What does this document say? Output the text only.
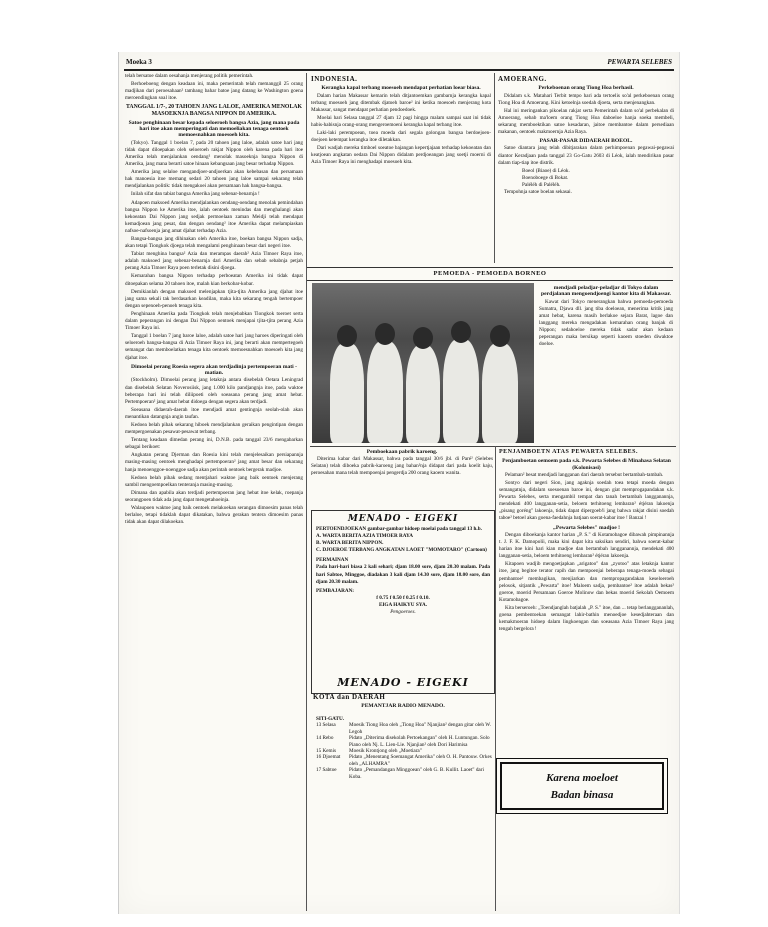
Moeka 3	PEWARTA SELEBES

telah bersatoe dalam oesahanja menjerang politik pemerintah.

Berhoeboeng dengan keadaan ini, maka pemerintah telah memanggil 25 orang madjikan dari peroesahaan² tambang bahar batoe jang datang ke Washington goena meroendingkan soal itoe.

TANGGAL 1/7-, 20 TAHOEN JANG LALOE, AMERIKA MENOLAK MASOEKNJA BANGSA NIPPON DI AMERIKA.
Satoe penghinaan besar kepada seloeroeh bangsa Azia, jang mana pada hari itoe akan memperingati dan memoeliakan tenaga oentoek memoesnahkan moesoeh kita.

(Tokyo). Tanggal 1 boelan 7, pada 20 tahoen jang laloe, adalah satoe hari jang tidak dapat diloepakan oleh seloeroeh rakjat Nippon oleh karena pada hari itoe Amerika telah menjalankan oendang² menolak masoeknja bangsa Nippon di Amerika, jang mana berarti satoe hinaan kebangsaan jang besar terhadap Nippon.

Amerika jang selaloe mengandjoer-andjoerkan akan kebebasan dan persamaan hak manoesia itoe memang sedari 20 tahoen jang laloe sampai sekarang telah mendjalankan politik: tidak mengakoei akan persamaan hak bangsa-bangsa.

Inilah sifat dan tabiat bangsa Amerika jang sebenar-benarnja !

Adapoen maksoed Amerika mendjalankan oendang-oendang menolak pemindahan bangsa Nippon ke Amerika itoe, ialah oentoek menindas dan menghalangi akan kekoeatan Dai Nippon jang sedjak permoelaan zaman Meidji telah mendapat kemadjoean jang pesat, dan dengan oendang² itoe Amerika dapat melampiaskan nafsoe-nafsoenja jang amat djahat terhadap Azia.

Bangsa-bangsa jang dihinakan oleh Amerika itoe, boekan bangsa Nippon sadja, akan tetapi Tiongkok djoega telah mengalami penghinaan besar dari negeri itoe.

Tabiat menghina bangsa² Azia dan merampas daerah² Azia Timoer Raya itoe, adalah maksoed jang sebenar-benarnja dari Amerika dan sebab sebabnja petjah perang Azia Timoer Raya poen terletak disini djoega.

Kemarahan bangsa Nippon terhadap perboeatan Amerika ini tidak dapat ditoepakan selama 20 tahoen itoe, malah kian berkobar-kobar.

Demikianlah dengan maksoed melenjapkan tjita-tjita Amerika jang djahat itoe jang sama sekali tak berdasarkan keadilan, maka kita sekarang tengah bertempoer dengan sepenoeh-penoeh tenaga kita.

Penghinaan Amerika pada Tiongkok telah menjebabkan Tiongkok toeroet serta dalam peperangan ini dengan Dai Nippon oentoek menjapai tjita-tjita perang Azia Timoer Raya ini.

Tanggal 1 boelan 7 jang baroe laloe, adalah satoe hari jang haroes diperingati oleh seloeroeh bangsa-bangsa di Azia Timoer Raya ini, jang berarti akan mempertegoeh semangat dan memboelatkan tenaga kita oentoek memoesnahkan moesoeh kita jang djahat itoe.

Dimoelai perang Roesia segera akan terdjadinja pertempoeran mati - matian.

(Stockholm). Dimoelai perang jang letaknja antara disebelah Oetara Leningrad dan disebelah Selatan Noverosiisk, jang 1.000 kilo pandjangnja itoe, pada waktoe beberapa hari ini telah diliipoeti oleh soeasana perang jang amat hebat. Pertempoeran² jang amat hebat didoega dengan segera akan terdjadi.

Soeasana didaerah-daerah itoe mendjadi amat gentingnja seolah-olah akan menantikan datangnja angin taufan.

Kedoea belah pihak sekarang hiboek mendjalankan geraikan pengintipan dengan mempergoenakan pesawat-pesawat terbang.

Tentang keadaan dimedan perang ini, D.N.B. pada tanggal 23/6 mengabarkan sebagai berikoet:

Angkatan perang Djerman dan Roesia kini telah menjelesaikan persiapannja masing-masing oentoek menghadapi pertempoeran² jang amat besar dan sekarang hanja menoenggoe-noenggoe sadja akan perintah oentoek bergerak madjoe.

Kedoea belah pihak sedang mentjahari waktoe jang baik oentoek menjerang sambil mengoempoelkan tenteranja masing-masing.

Dimana dan apabila akan terdjadi pertempoeran jang hebat itoe kelak, roepanja seorangpoen tidak ada jang dapat mengetahoeinja.

Walaupoen waktoe jang baik oentoek melakoekan serangan dimoesim panas telah berlaloe, tetapi tidaklah dapat dikatakan, bahwa gerakan tentera dimoesim panas tidak akan dapat dilakoekan.

INDONESIA.
Kerangka kapal terbang moesoeh mendapat perhatian loear biasa.

Dalam harian Makassar kemarin telah ditjantoemkan gambarnja kerangka kapal terbang moesoeh jang ditembak djatoeh baroe² ini ketika moesoeh menjerang kota Makassar, sangat mendapat perhatian pendoedoek.

Moelai hari Selasa tanggal 27 djam 12 pagi hingga malam sampai saat ini tidak habis-habisnja orang-orang mengeroemoeni kerangka kapal terbang itoe.

Laki-laki perempoean, toea moeda dari segala golongan bangsa berdoejoen-doejoen ketempat kerangka itoe diletakkan.

Dari wadjah mereka timboel soeatoe bajangan kepertjajaan terhadap kekoeatan dan keatjoean angkatan oedara Dai Nippon didalam perdjoeangan jang soetji moerni di Azia Timoer Raya ini menghadapi moesoeh kita.

AMOERANG.
Perkeboenan orang Tiong Hoa berhasil.

Didalam s.k. Matahari Terbit tempo hari ada tertoelis so'al perkeboenan orang Tiong Hoa di Amoerang. Kini ketoelnja soedah djoeta, serta menjenangkan.

Hal ini meringankan pikoelan rakjat serta Pemerintah dalam so'al perbekalan di Amoerang, sebab ma'loem orang Tiong Hoa daboeloe hanja soeka membeli, sekarang memboektikan satoe kesadaran, jaitoe membantoe dalam persediaan makanan, oentoek makmoernja Azia Raya.

PASAR-PASAR DIDAERAH BOEOL.

Satoe diantara jang telah dibitjarakan dalam perhimpoenan pegawai-pegawai diantor Keradjaan pada tanggal 23 Go-Gatu 2603 di Léok, ialah mendirikan pasar dalam tiap-tiap itoe distrik.

Boeol (Biaoe) di Léok.
Boenoboege di Bokat.
Paléléh di Paléléh.

Tempohnja satoe boelan sekasai.

PEMOEDA - PEMOEDA BORNEO
mendjadi peladjar-peladjar di Tokyo dalam perdjalanan mengoendjoengi kantor kita di Makassar.

Kawat dari Tokyo menerangkan bahwa pemoeda-pemoeda Sumatra, Djawa dll. jang tiba doeloean, menerima kritik jang amat hebat, karena masih berlakoe sejara Barat, lagoe dan langgang mereka mengadakan kemarahan orang banjak di Nippon; sedahoeloe mereka tidak sadar akan kedaan peperangan maka bersikap seperti kaoem stoeden diwaktoe doeloe.

Pemboekaan pabrik karoeng.

Diterima kabar dari Makassar, bahwa pada tanggal 30/6 jbl. di Paré² (Selebes Selatan) telah diboeka pabrik-karoeng jang bahan²nja didapat dari pada koelit kaju, peroesahan mana telah mempoenjai pengerdja 200 orang kaoem wanita.

MENADO - EIGEKI
PERTOENDJOEKAN gambar-gambar hidoep moelai pada tanggal 13 h.b.
A. WARTA BERITA AZIA TIMOER RAYA
B. WARTA BERITA NIPPON.
C. DJOEROE TERBANG ANGKATAN LAOET "MOMOTARO" (Cartoon)
PERMAINAN
Pada hari-hari biasa 2 kali sehari; djam 18.00 sore, djam 20.30 malam. Pada hari Sabtoe, Minggoe, diadakan 3 kali djam 14.30 sore, djam 18.00 sore, dan djam 20.30 malam.
PEMBAJARAN:
f 0.75 f 0.50 f 0.25 f 0.10.
EIGA HAIKYU SYA.
Pengoeroes.
MENADO - EIGEKI
KOTA dan DAERAH
PEMANTJAR RADIO MENADO.
SITI-GATU.
13 Selasa	Moesik Tiong Hoa oleh „Tiong Hoa" Njanjian² dengan gitar oleh W. Legoh
14 Rebo	Pidato „Diterima disekolah Pertoekangan" oleh H. Luntungan. Solo Piano oleh Nj. L. Lien-Lie. Njanjian² oleh Dori Harimisa
15 Kemis	Moesik Krontjong oleh „Moetiara"
16 Djoemat	Pidato „Menentang Soemangat Amerika" oleh O. H. Pantouw. Orkes oleh „ALHAMRA"
17 Sabtoe	Pidato „Pemandangan Minggoean" oleh G. B. Kullit. Laoet" dari Koba.
PENJAMBOETN ATAS PEWARTA SELEBES.
Penjamboetan oemoem pada s.k. Pewarta Selebes di Minahasa Selatan (Kolonisasi)

Pelaman² besat mendjadi langganan dari daerah tersebut bertambah-tambah.

Sontyo dari negeri Sion, jang agaknja soedah toea tetapi moeda dengan semangatnja, didalam soesoenan baroe ini, dengan giat memprogapandakan s.k. Pewarta Selebes, serta mengambil tempat dan tanah bertambah langganannja, mendekati 400 langganan-setia, beloem terhitoeng lembaran² étjéran lakoenja „pisang goréng" lakoenja, tidak dapat dipergoeb!i jang bahwa rakjat disini soedah taboe² betoel akan goena-faedahnja batjaan soerat-kabar itoe ! Banzai !

„Pewarta Selebes" madjoe !

Dengan diboekanja kantor harian „P. S." di Kotamobagoe dibawah pimpinannja t. J. F. K. Damopolii, maka kini dapat kita saksikan sendiri, bahwa soerat-kabar harian itoe kini hari kian madjoe dan bertambah langganannja, mendekati 400 langganan-setia, beloem terhitoeng lembaran² étjéran lakoenja.

Kitapoen wadjib mengoetjapkan „arigatoo" dan „zyotoo" atas letaknja kantor itoe, jang begitoe terator rapih dan mempoenjai beberapa tenaga-moeda sebagai pembantoe² membagikan, menjiarkan dan mempropagandakan keseloeroeh pelosok, sitjantik „Pewarta" itoe! Maloem sadja, pembantoe² itoe adalah bekas² goeroe, moerid Persamaan Goeroe Molinow dan bekas moerid Sekolah Oemoem Kotamobagoe.

Kita berseroeh: „Toendjanglah batjalah „P. S." itoe, dan ... tetap berlanggananlah, goena pembentoekan semangat lahir-bathin menoedjoe kesedjahteraan dan kemakmoeran hidoep dalam lingkoengan dan soeasana Azia Timoer Raya jang tengah bergelora !

Karena moeloet
Badan binasa
